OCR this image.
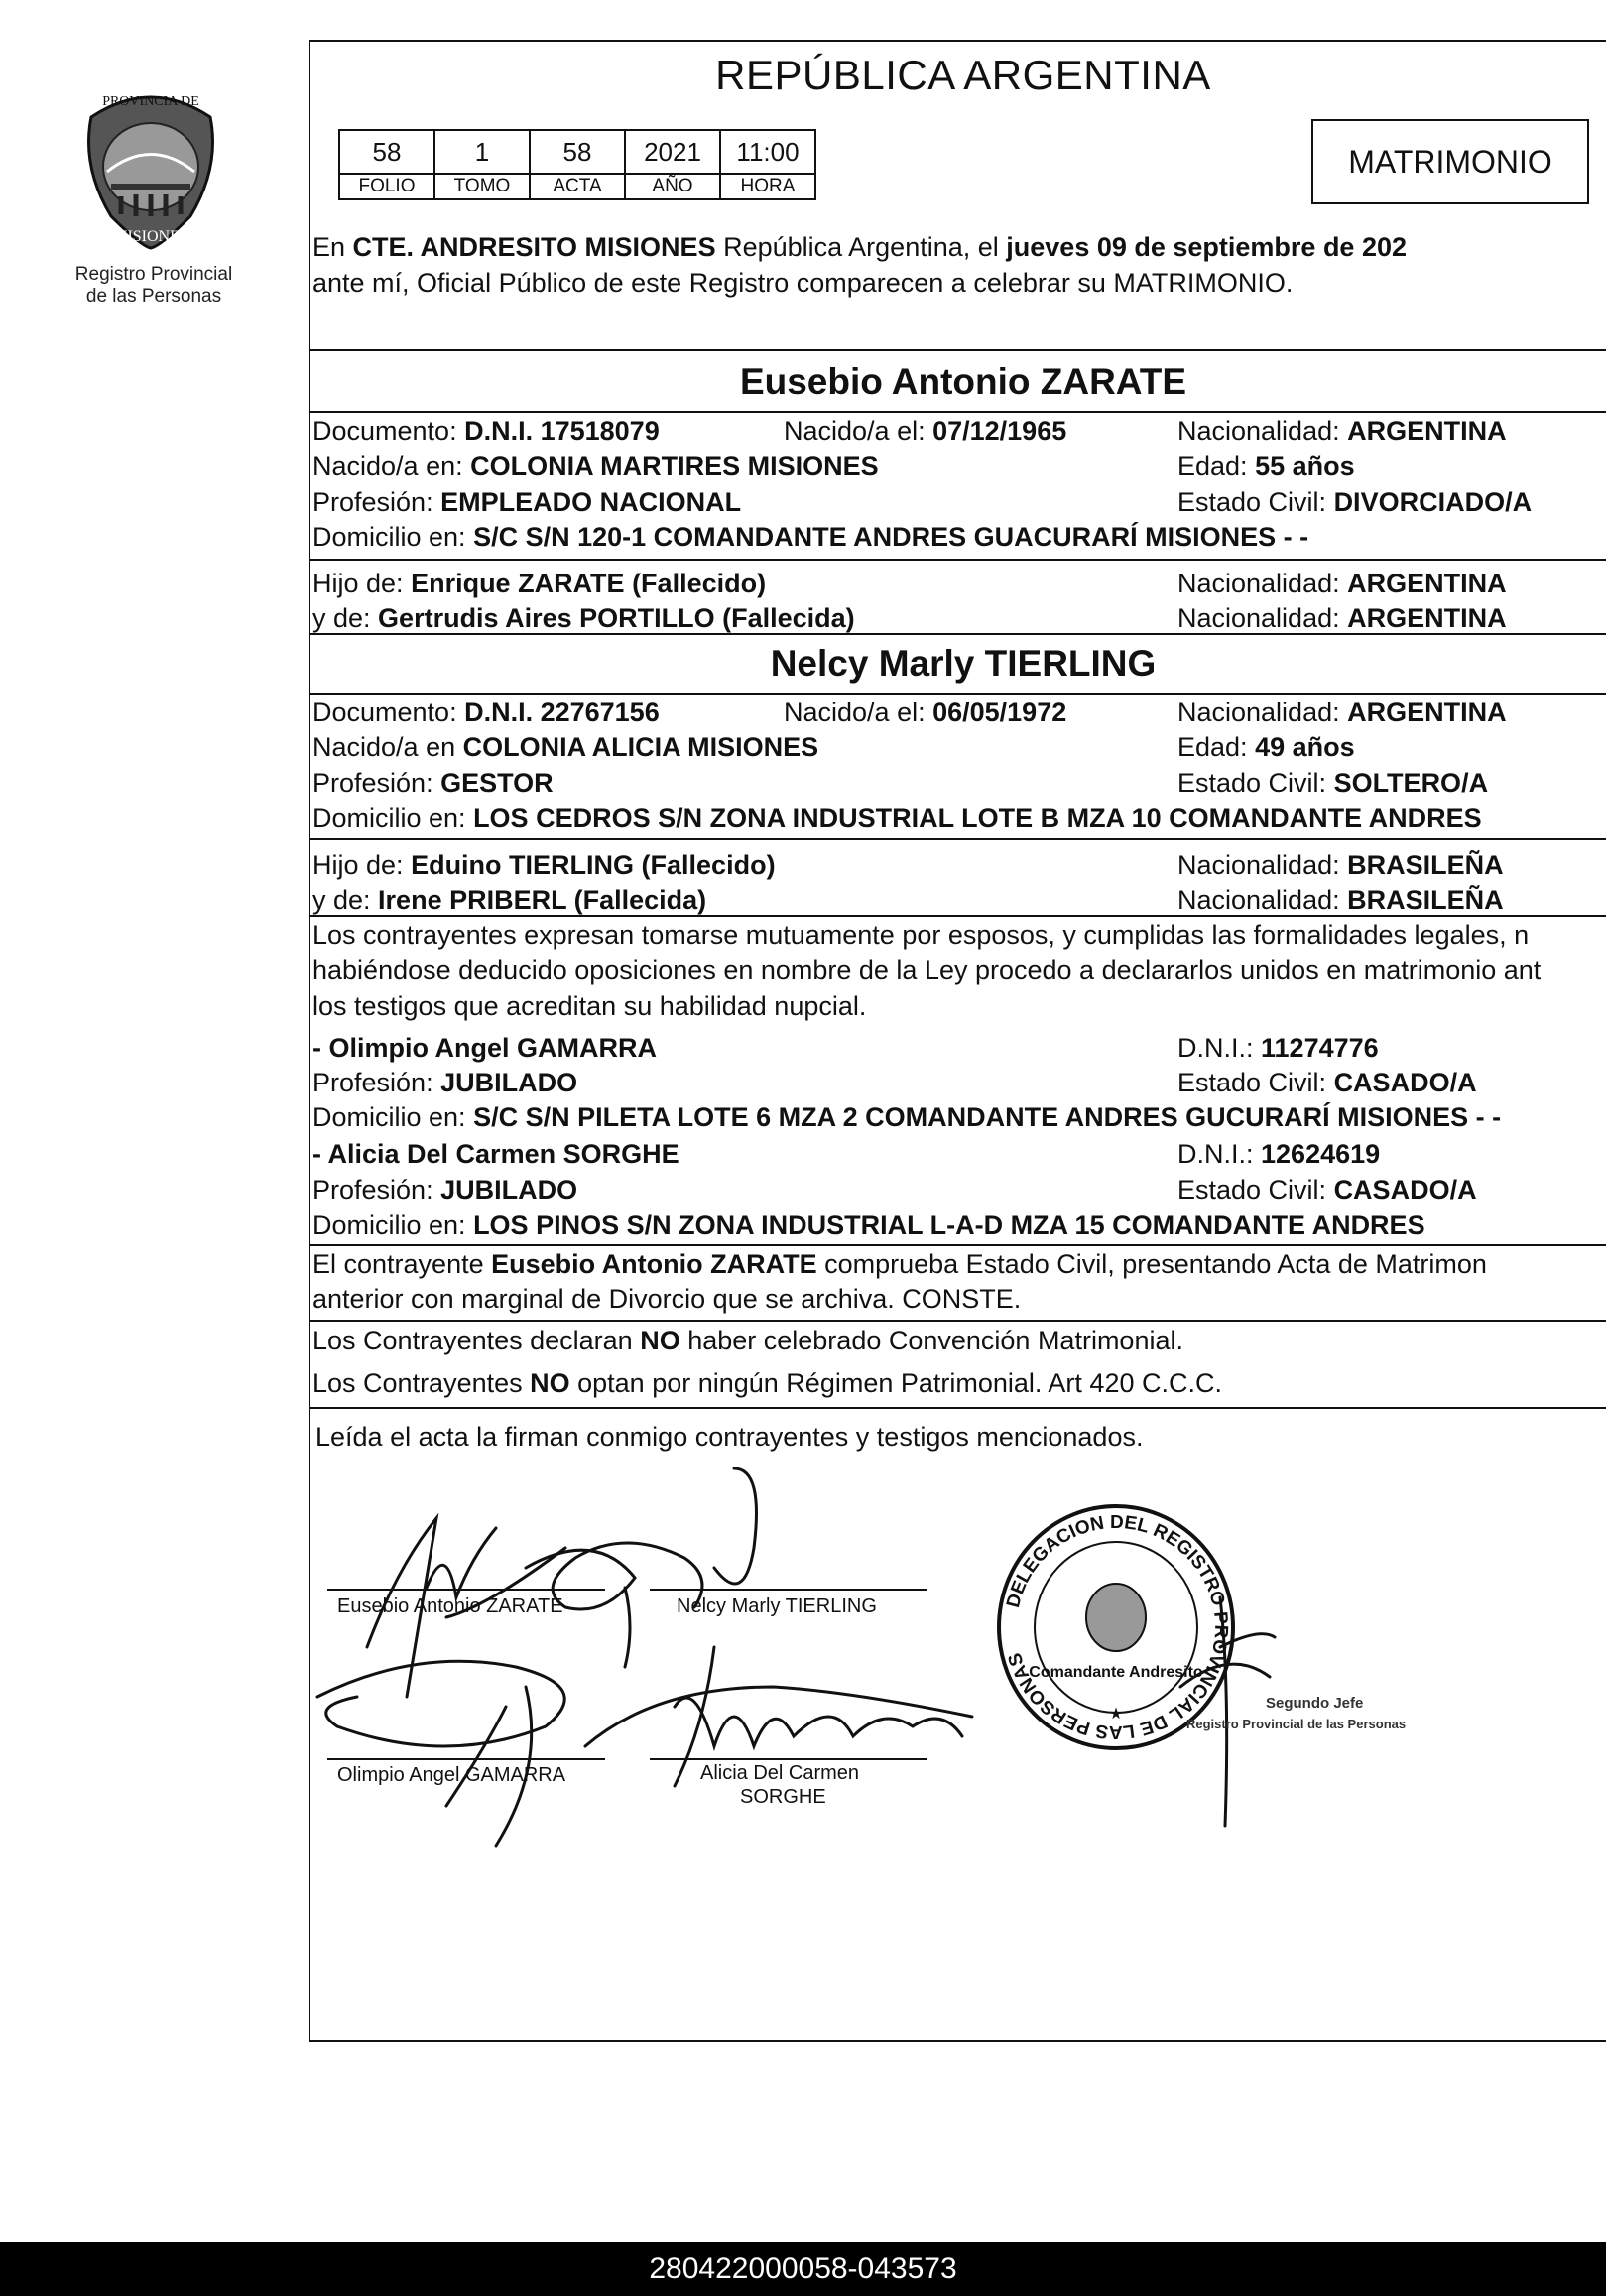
PROVINCIA DE
MISIONES
Registro Provincial
de las Personas
REPÚBLICA ARGENTINA
58	1	58	2021	11:00
FOLIO	TOMO	ACTA	AÑO	HORA
MATRIMONIO
En CTE. ANDRESITO MISIONES República Argentina, el jueves 09 de septiembre de 202
ante mí, Oficial Público de este Registro comparecen a celebrar su MATRIMONIO.
Eusebio Antonio ZARATE
Documento: D.N.I. 17518079	Nacido/a el: 07/12/1965	Nacionalidad: ARGENTINA
Nacido/a en: COLONIA MARTIRES MISIONES	Edad: 55 años
Profesión: EMPLEADO NACIONAL	Estado Civil: DIVORCIADO/A
Domicilio en: S/C S/N 120-1 COMANDANTE ANDRES GUACURARÍ MISIONES - -
Hijo de: Enrique ZARATE (Fallecido)	Nacionalidad: ARGENTINA
y de: Gertrudis Aires PORTILLO (Fallecida)	Nacionalidad: ARGENTINA
Nelcy Marly TIERLING
Documento: D.N.I. 22767156	Nacido/a el: 06/05/1972	Nacionalidad: ARGENTINA
Nacido/a en COLONIA ALICIA MISIONES	Edad: 49 años
Profesión: GESTOR	Estado Civil: SOLTERO/A
Domicilio en: LOS CEDROS S/N ZONA INDUSTRIAL LOTE B MZA 10 COMANDANTE ANDRES
Hijo de: Eduino TIERLING (Fallecido)	Nacionalidad: BRASILEÑA
y de: Irene PRIBERL (Fallecida)	Nacionalidad: BRASILEÑA
Los contrayentes expresan tomarse mutuamente por esposos, y cumplidas las formalidades legales, n
habiéndose deducido oposiciones en nombre de la Ley procedo a declararlos unidos en matrimonio ant
los testigos que acreditan su habilidad nupcial.
- Olimpio Angel GAMARRA	D.N.I.: 11274776
Profesión: JUBILADO	Estado Civil: CASADO/A
Domicilio en: S/C S/N PILETA LOTE 6 MZA 2 COMANDANTE ANDRES GUCURARÍ MISIONES - -
- Alicia Del Carmen SORGHE	D.N.I.: 12624619
Profesión: JUBILADO	Estado Civil: CASADO/A
Domicilio en: LOS PINOS S/N ZONA INDUSTRIAL L-A-D MZA 15 COMANDANTE ANDRES
El contrayente Eusebio Antonio ZARATE comprueba Estado Civil, presentando Acta de Matrimon
anterior con marginal de Divorcio que se archiva. CONSTE.
Los Contrayentes declaran NO haber celebrado Convención Matrimonial.
Los Contrayentes NO optan por ningún Régimen Patrimonial. Art 420 C.C.C.
Leída el acta la firman conmigo contrayentes y testigos mencionados.
Eusebio Antonio ZARATE	Nelcy Marly TIERLING
Olimpio Angel GAMARRA	Alicia Del Carmen
SORGHE
DELEGACION DEL REGISTRO PROVINCIAL DE LAS PERSONAS
Comandante Andresito
★
Segundo Jefe
Registro Provincial de las Personas
280422000058-043573
